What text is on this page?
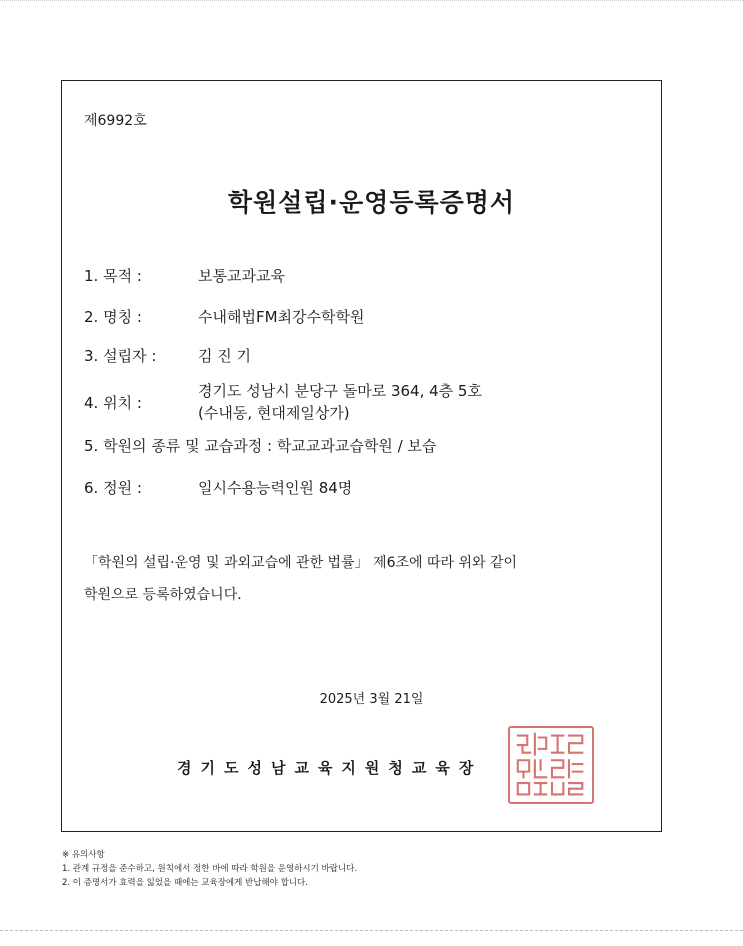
제6992호
학원설립·운영등록증명서
1. 목적 :	보통교과교육
2. 명칭 :	수내해법FM최강수학학원
3. 설립자 :	김 진 기
4. 위치 :
경기도 성남시 분당구 돌마로 364, 4층 5호
(수내동, 현대제일상가)
5. 학원의 종류 및 교습과정 : 학교교과교습학원 / 보습
6. 정원 :	일시수용능력인원 84명
「학원의 설립·운영 및 과외교습에 관한 법률」 제6조에 따라 위와 같이
학원으로 등록하였습니다.
2025년 3월 21일
경기도성남교육지원청교육장
※ 유의사항
1. 관계 규정을 준수하고, 원칙에서 정한 바에 따라 학원을 운영하시기 바랍니다.
2. 이 증명서가 효력을 잃었을 때에는 교육장에게 반납해야 합니다.
